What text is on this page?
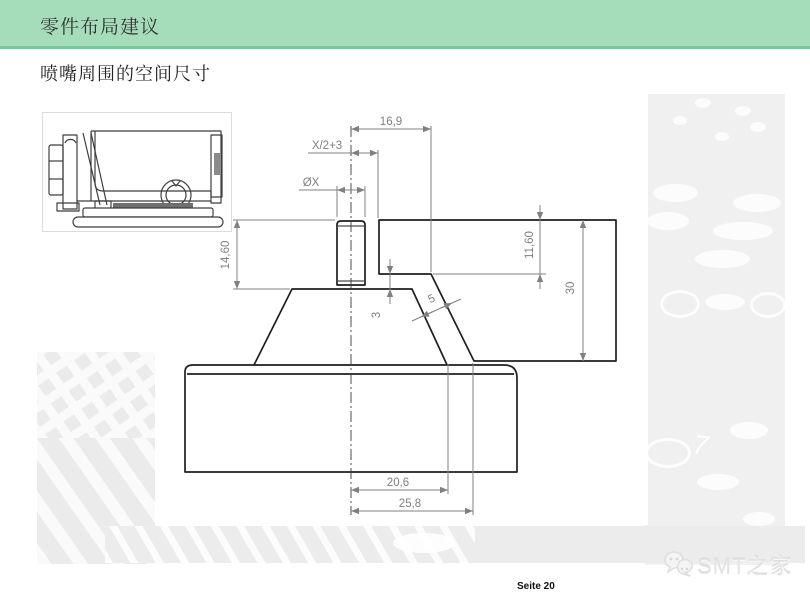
7
零件布局建议
喷嘴周围的空间尺寸
16,9
X/2+3
ØX
14,60	11,60
30
3
5
20,6
25,8
Seite 20
SMT之家
